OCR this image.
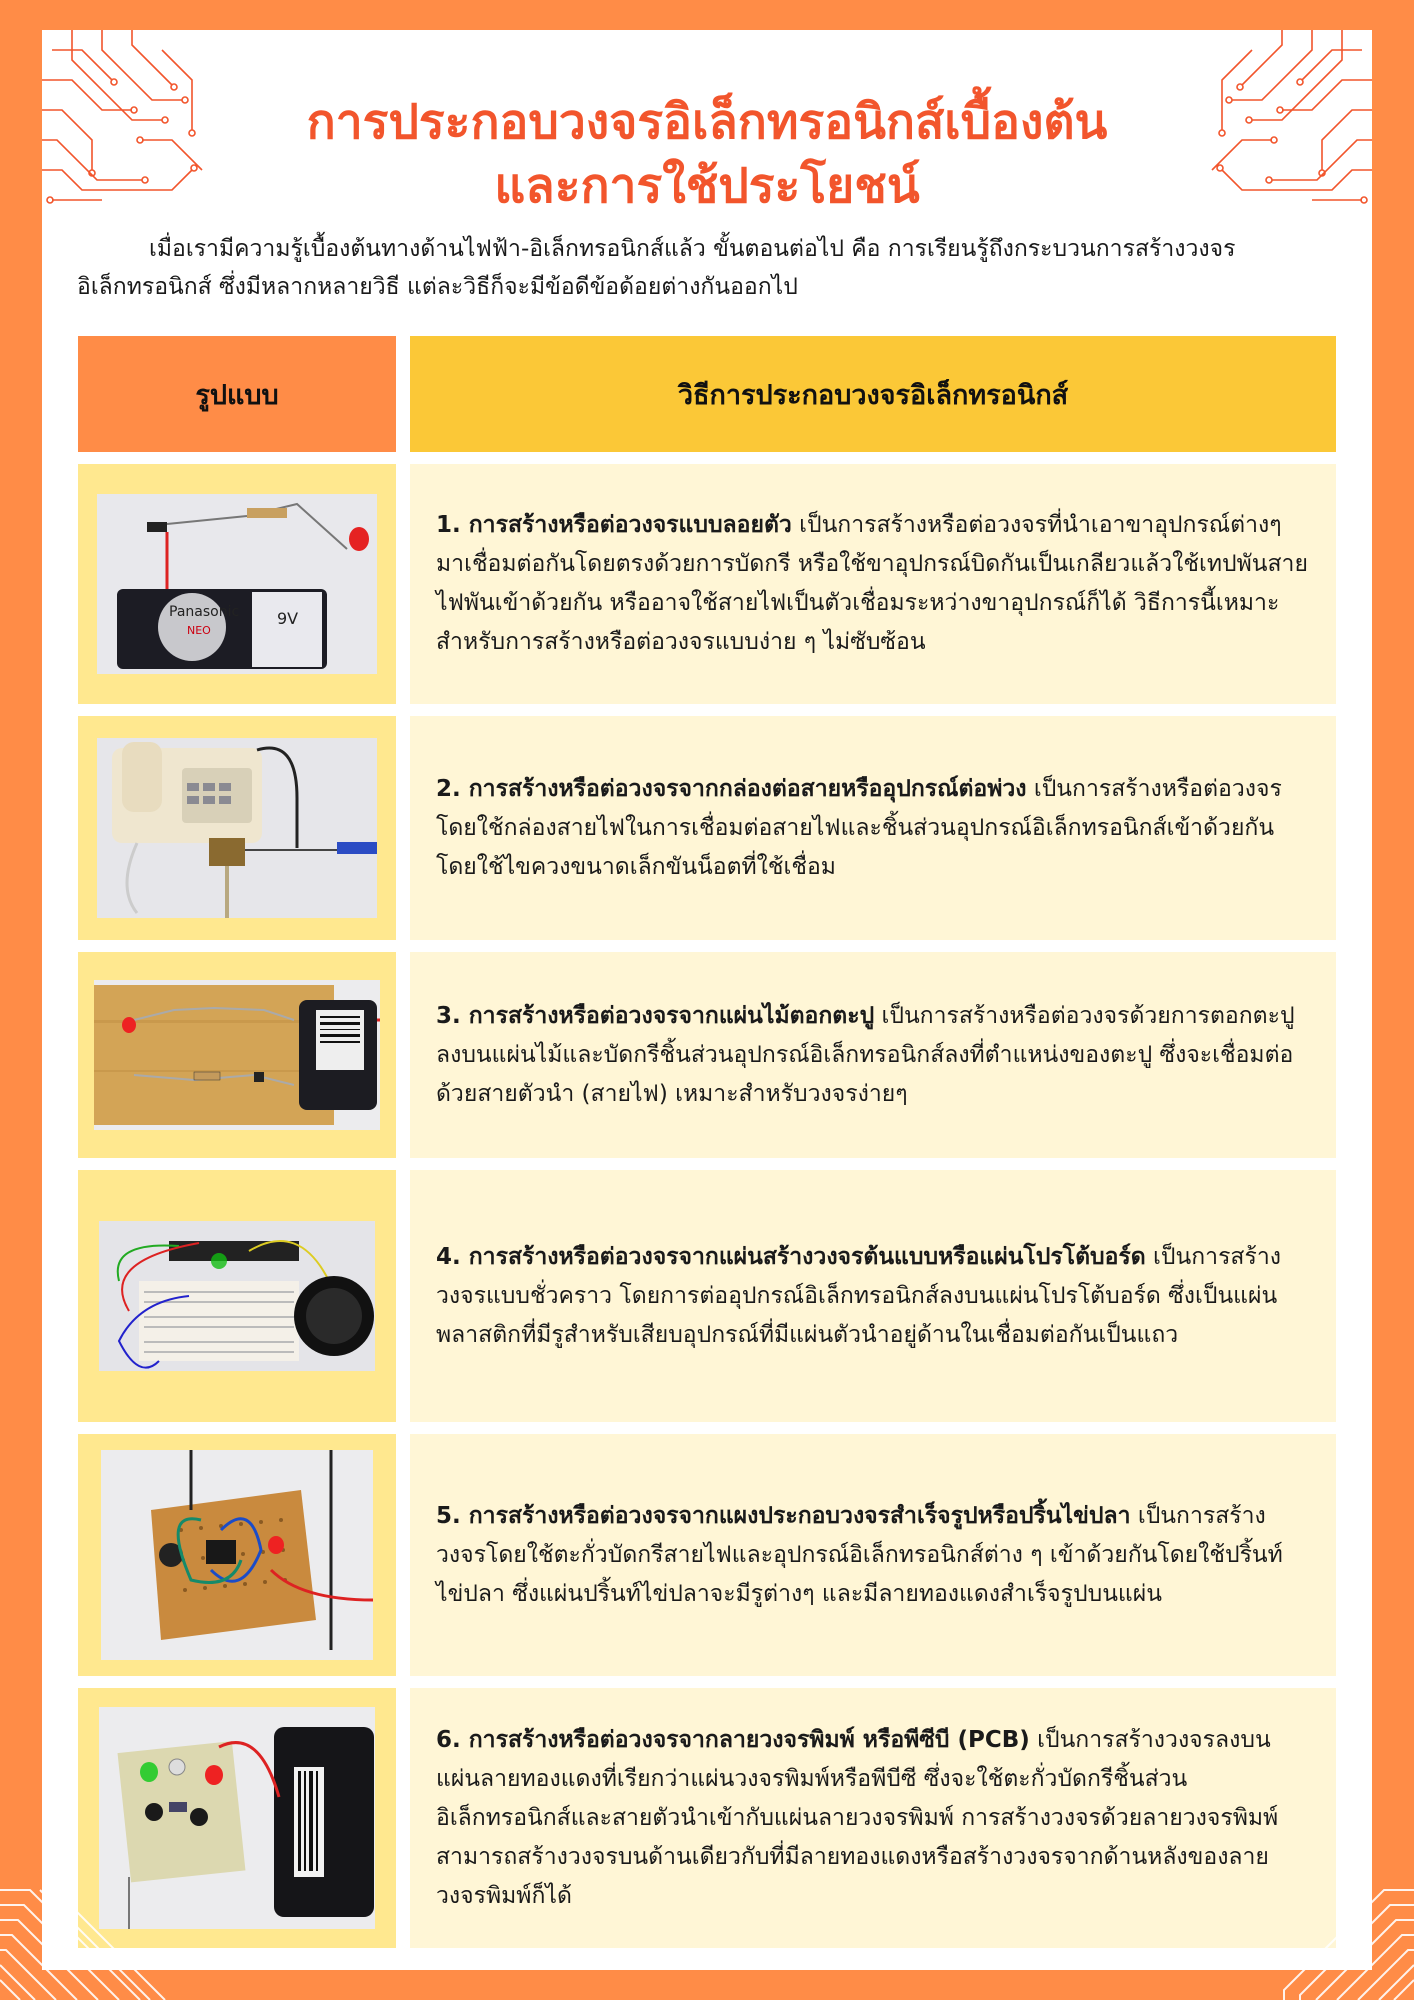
การประกอบวงจรอิเล็กทรอนิกส์เบื้องต้น
และการใช้ประโยชน์
เมื่อเรามีความรู้เบื้องต้นทางด้านไฟฟ้า-อิเล็กทรอนิกส์แล้ว ขั้นตอนต่อไป คือ การเรียนรู้ถึงกระบวนการสร้างวงจรอิเล็กทรอนิกส์ ซึ่งมีหลากหลายวิธี แต่ละวิธีก็จะมีข้อดีข้อด้อยต่างกันออกไป
รูปแบบ	วิธีการประกอบวงจรอิเล็กทรอนิกส์
Panasonic
NEO
9V
1. การสร้างหรือต่อวงจรแบบลอยตัว เป็นการสร้างหรือต่อวงจรที่นำเอาขาอุปกรณ์ต่างๆ มาเชื่อมต่อกันโดยตรงด้วยการบัดกรี หรือใช้ขาอุปกรณ์บิดกันเป็นเกลียวแล้วใช้เทปพันสายไฟพันเข้าด้วยกัน หรืออาจใช้สายไฟเป็นตัวเชื่อมระหว่างขาอุปกรณ์ก็ได้ วิธีการนี้เหมาะสำหรับการสร้างหรือต่อวงจรแบบง่าย ๆ ไม่ซับซ้อน
2. การสร้างหรือต่อวงจรจากกล่องต่อสายหรืออุปกรณ์ต่อพ่วง เป็นการสร้างหรือต่อวงจรโดยใช้กล่องสายไฟในการเชื่อมต่อสายไฟและชิ้นส่วนอุปกรณ์อิเล็กทรอนิกส์เข้าด้วยกัน โดยใช้ไขควงขนาดเล็กขันน็อตที่ใช้เชื่อม
3. การสร้างหรือต่อวงจรจากแผ่นไม้ตอกตะปู เป็นการสร้างหรือต่อวงจรด้วยการตอกตะปูลงบนแผ่นไม้และบัดกรีชิ้นส่วนอุปกรณ์อิเล็กทรอนิกส์ลงที่ตำแหน่งของตะปู ซึ่งจะเชื่อมต่อด้วยสายตัวนำ (สายไฟ) เหมาะสำหรับวงจรง่ายๆ
4. การสร้างหรือต่อวงจรจากแผ่นสร้างวงจรต้นแบบหรือแผ่นโปรโต้บอร์ด เป็นการสร้างวงจรแบบชั่วคราว โดยการต่ออุปกรณ์อิเล็กทรอนิกส์ลงบนแผ่นโปรโต้บอร์ด ซึ่งเป็นแผ่นพลาสติกที่มีรูสำหรับเสียบอุปกรณ์ที่มีแผ่นตัวนำอยู่ด้านในเชื่อมต่อกันเป็นแถว
5. การสร้างหรือต่อวงจรจากแผงประกอบวงจรสำเร็จรูปหรือปริ้นไข่ปลา เป็นการสร้างวงจรโดยใช้ตะกั่วบัดกรีสายไฟและอุปกรณ์อิเล็กทรอนิกส์ต่าง ๆ เข้าด้วยกันโดยใช้ปริ้นท์ไข่ปลา ซึ่งแผ่นปริ้นท์ไข่ปลาจะมีรูต่างๆ และมีลายทองแดงสำเร็จรูปบนแผ่น
6. การสร้างหรือต่อวงจรจากลายวงจรพิมพ์ หรือพีซีบี (PCB) เป็นการสร้างวงจรลงบนแผ่นลายทองแดงที่เรียกว่าแผ่นวงจรพิมพ์หรือพีบีซี ซึ่งจะใช้ตะกั่วบัดกรีชิ้นส่วนอิเล็กทรอนิกส์และสายตัวนำเข้ากับแผ่นลายวงจรพิมพ์ การสร้างวงจรด้วยลายวงจรพิมพ์สามารถสร้างวงจรบนด้านเดียวกับที่มีลายทองแดงหรือสร้างวงจรจากด้านหลังของลายวงจรพิมพ์ก็ได้
